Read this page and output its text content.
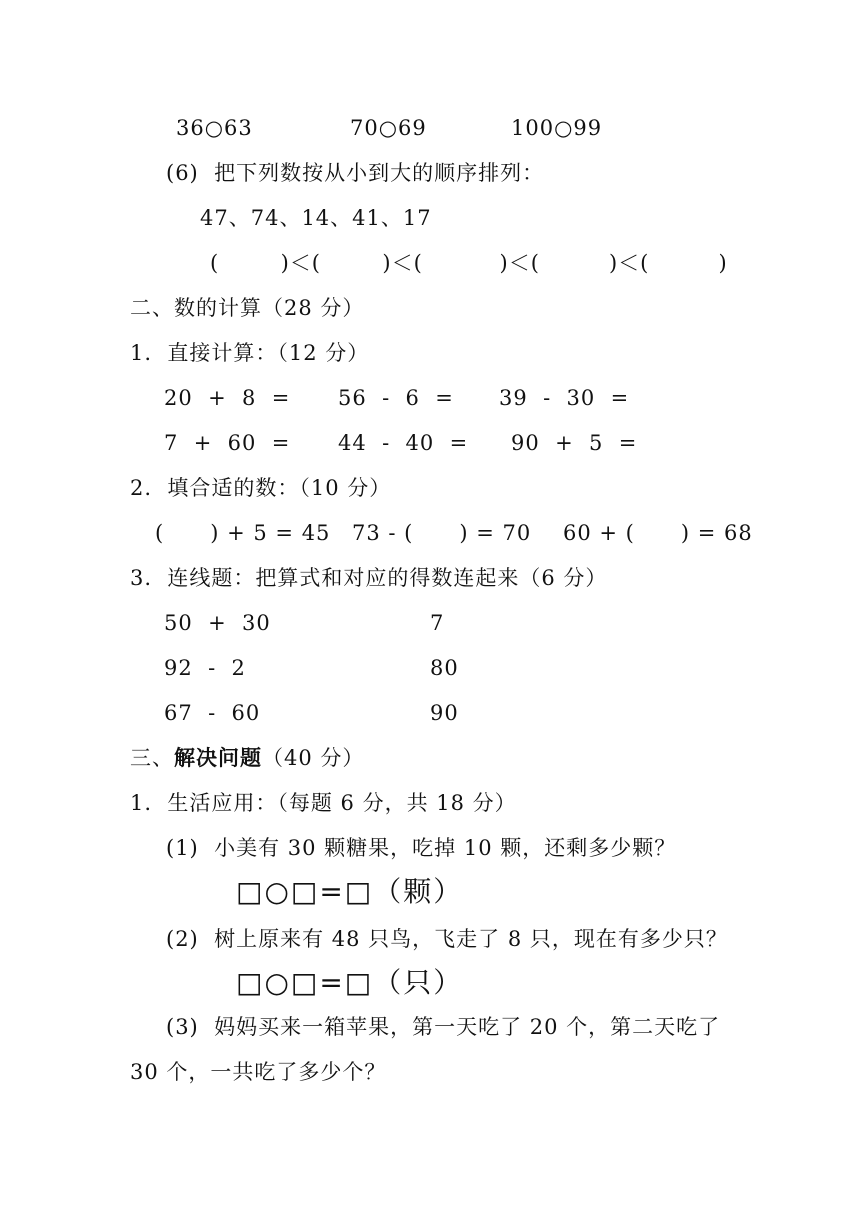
36○63	70○69	100○99
(6)  把下列数按从小到大的顺序排列：
47、74、14、41、17
(        )＜(        )＜(          )＜(         )＜(         )
二、数的计算（28 分）
1.  直接计算：（12 分）
20  +  8  = 56  -  6  = 39  -  30  =
7  +  60  = 44  -  40  = 90  +  5  =
2.  填合适的数：（10 分）
(      ) + 5 = 45 73 - (      ) = 70 60 + (      ) = 68
3.  连线题：把算式和对应的得数连起来（6 分）
50  +  30	7
92  -  2	80
67  -  60	90
三、解决问题（40 分）
1.  生活应用：（每题 6 分，共 18 分）
(1)  小美有 30 颗糖果，吃掉 10 颗，还剩多少颗？
□○□=□（颗）
(2)  树上原来有 48 只鸟，飞走了 8 只，现在有多少只？
□○□=□（只）
(3)  妈妈买来一箱苹果，第一天吃了 20 个，第二天吃了
30 个，一共吃了多少个？
